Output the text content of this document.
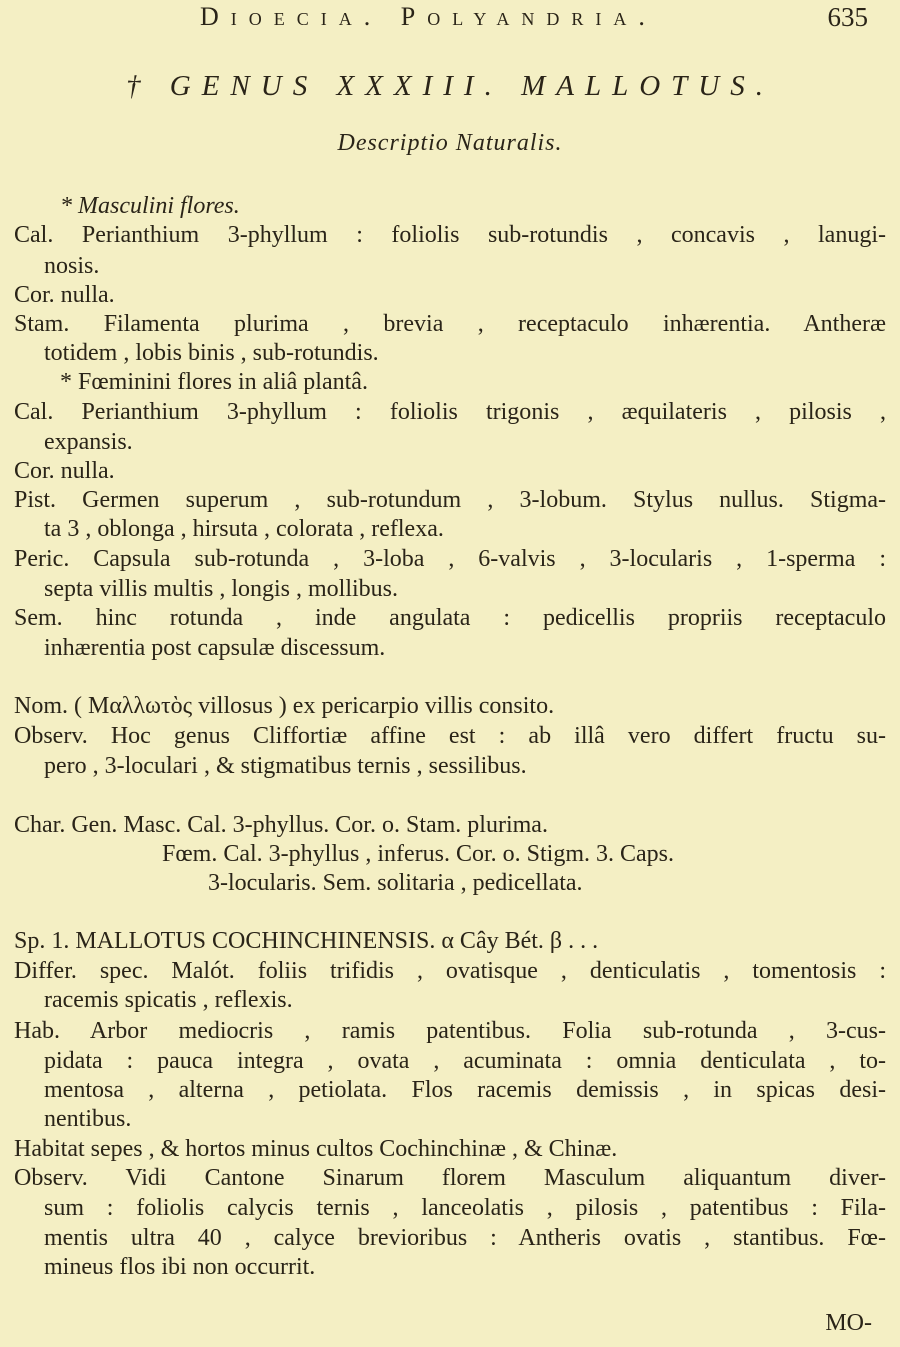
Dioecia. Polyandria.	635
† GENUS XXXIII. MALLOTUS.
Descriptio Naturalis.
* Masculini flores.
Cal. Perianthium 3-phyllum : foliolis sub-rotundis , concavis , lanugi-
nosis.
Cor. nulla.
Stam. Filamenta plurima , brevia , receptaculo inhærentia. Antheræ
totidem , lobis binis , sub-rotundis.
* Fœminini flores in aliâ plantâ.
Cal. Perianthium 3-phyllum : foliolis trigonis , æquilateris , pilosis ,
expansis.
Cor. nulla.
Pist. Germen superum , sub-rotundum , 3-lobum. Stylus nullus. Stigma-
ta 3 , oblonga , hirsuta , colorata , reflexa.
Peric. Capsula sub-rotunda , 3-loba , 6-valvis , 3-locularis , 1-sperma :
septa villis multis , longis , mollibus.
Sem. hinc rotunda , inde angulata : pedicellis propriis receptaculo
inhærentia post capsulæ discessum.
Nom. ( Μαλλωτὸς villosus ) ex pericarpio villis consito.
Observ. Hoc genus Cliffortiæ affine est : ab illâ vero differt fructu su-
pero , 3-loculari , & stigmatibus ternis , sessilibus.
Char. Gen. Masc. Cal. 3-phyllus. Cor. o. Stam. plurima.
Fœm. Cal. 3-phyllus , inferus. Cor. o. Stigm. 3. Caps.
3-locularis. Sem. solitaria , pedicellata.
Sp. 1. MALLOTUS COCHINCHINENSIS. α Cây Bét. β . . .
Differ. spec. Malót. foliis trifidis , ovatisque , denticulatis , tomentosis :
racemis spicatis , reflexis.
Hab. Arbor mediocris , ramis patentibus. Folia sub-rotunda , 3-cus-
pidata : pauca integra , ovata , acuminata : omnia denticulata , to-
mentosa , alterna , petiolata. Flos racemis demissis , in spicas desi-
nentibus.
Habitat sepes , & hortos minus cultos Cochinchinæ , & Chinæ.
Observ. Vidi Cantone Sinarum florem Masculum aliquantum diver-
sum : foliolis calycis ternis , lanceolatis , pilosis , patentibus : Fila-
mentis ultra 40 , calyce brevioribus : Antheris ovatis , stantibus. Fœ-
mineus flos ibi non occurrit.
MO-
